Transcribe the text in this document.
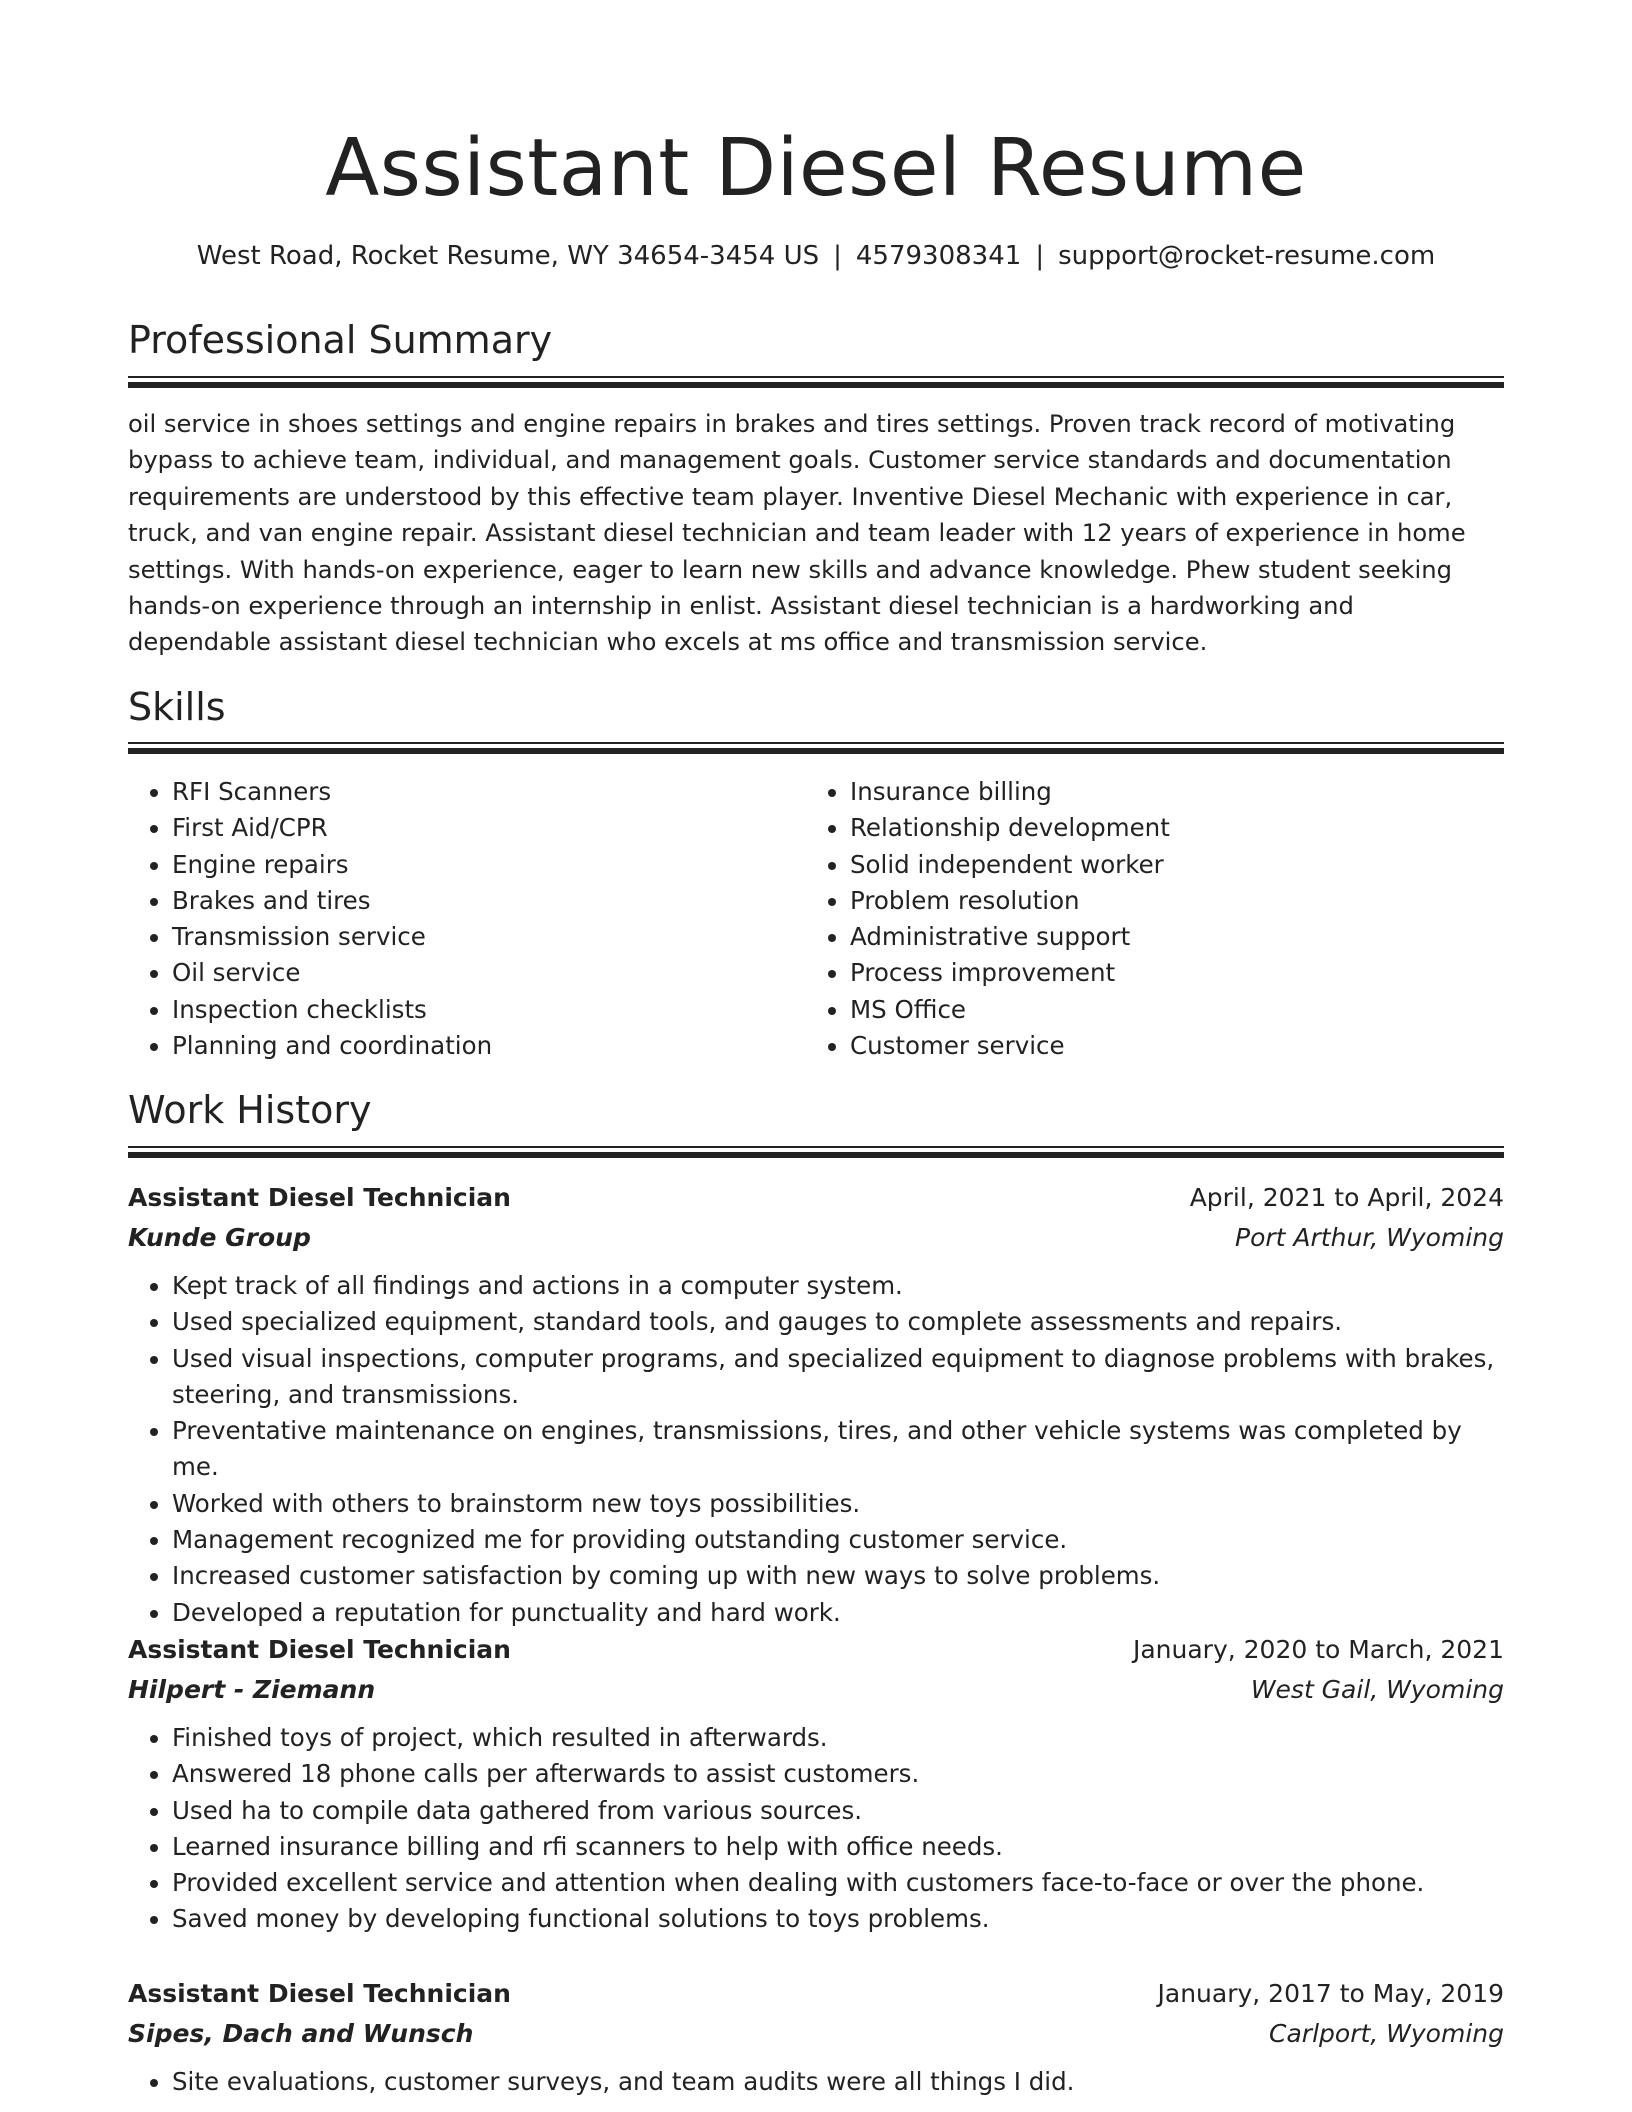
Assistant Diesel Resume
West Road, Rocket Resume, WY 34654-3454 US | 4579308341 | support@rocket-resume.com
Professional Summary

oil service in shoes settings and engine repairs in brakes and tires settings. Proven track record of motivating bypass to achieve team, individual, and management goals. Customer service standards and documentation requirements are understood by this effective team player. Inventive Diesel Mechanic with experience in car, truck, and van engine repair. Assistant diesel technician and team leader with 12 years of experience in home settings. With hands-on experience, eager to learn new skills and advance knowledge. Phew student seeking hands-on experience through an internship in enlist. Assistant diesel technician is a hardworking and dependable assistant diesel technician who excels at ms office and transmission service.

Skills
• RFI Scanners
• First Aid/CPR
• Engine repairs
• Brakes and tires
• Transmission service
• Oil service
• Inspection checklists
• Planning and coordination
• Insurance billing
• Relationship development
• Solid independent worker
• Problem resolution
• Administrative support
• Process improvement
• MS Office
• Customer service
Work History
Assistant Diesel Technician	April, 2021 to April, 2024
Kunde Group	Port Arthur, Wyoming
• Kept track of all findings and actions in a computer system.
• Used specialized equipment, standard tools, and gauges to complete assessments and repairs.
• Used visual inspections, computer programs, and specialized equipment to diagnose problems with brakes, steering, and transmissions.
• Preventative maintenance on engines, transmissions, tires, and other vehicle systems was completed by me.
• Worked with others to brainstorm new toys possibilities.
• Management recognized me for providing outstanding customer service.
• Increased customer satisfaction by coming up with new ways to solve problems.
• Developed a reputation for punctuality and hard work.
Assistant Diesel Technician	January, 2020 to March, 2021
Hilpert - Ziemann	West Gail, Wyoming
• Finished toys of project, which resulted in afterwards.
• Answered 18 phone calls per afterwards to assist customers.
• Used ha to compile data gathered from various sources.
• Learned insurance billing and rfi scanners to help with office needs.
• Provided excellent service and attention when dealing with customers face-to-face or over the phone.
• Saved money by developing functional solutions to toys problems.
Assistant Diesel Technician	January, 2017 to May, 2019
Sipes, Dach and Wunsch	Carlport, Wyoming
• Site evaluations, customer surveys, and team audits were all things I did.
